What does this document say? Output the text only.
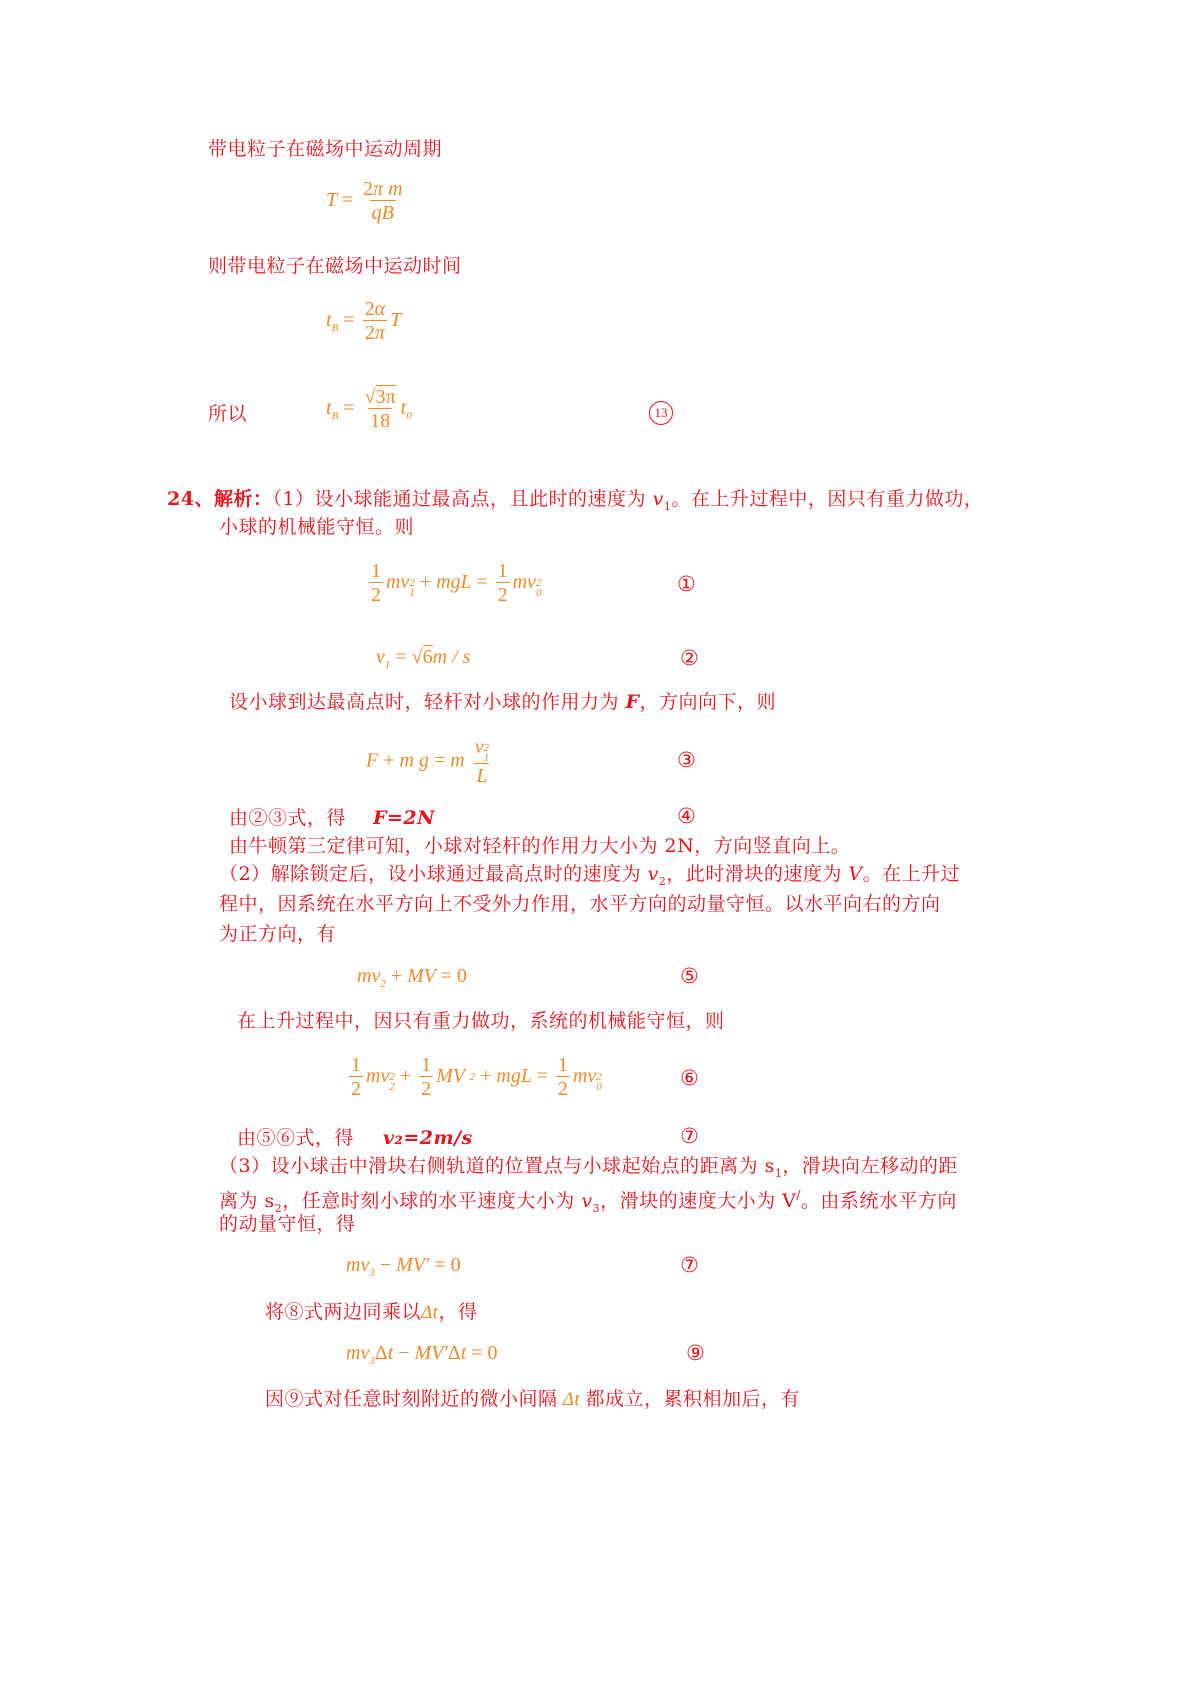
带电粒子在磁场中运动周期
$T = \frac{\text{2π m}}{qB}$
则带电粒子在磁场中运动时间
$t_B = \frac{2\alpha}{2\pi}$ T
所以	$t_B = \frac{√3\pi}{18} t_0$	13
24、解析：（1）设小球能通过最高点，且此时的速度为 $v_1$。在上升过程中，因只有重力做功，
小球的机械能守恒。则
$\frac{1}{2}$ mv 2
1 + mgL = $\frac{1}{2}$ mv 2
0	①
$v_1 = √6m / s$	②
设小球到达最高点时，轻杆对小球的作用力为 F，方向向下，则
F + m g = m v 2
1
L	③
由②③式，得 F=2N	④
由牛顿第三定律可知，小球对轻杆的作用力大小为 2N，方向竖直向上。
（2）解除锁定后，设小球通过最高点时的速度为 $v_2$，此时滑块的速度为 V。在上升过
程中，因系统在水平方向上不受外力作用，水平方向的动量守恒。以水平向右的方向
为正方向，有
$mv_2$ + MV = 0	⑤
在上升过程中，因只有重力做功，系统的机械能守恒，则
$\frac{1}{2}$ mv 2
$2 + \frac{1}{2}$ MV 2
+ mgL = $\frac{1}{2}$ mv 2
0	⑥
由⑤⑥式，得 v₂=2m/s	⑦
（3）设小球击中滑块右侧轨道的位置点与小球起始点的距离为 $s_1$，滑块向左移动的距
离为 $s_2$，任意时刻小球的水平速度大小为 $v_3$，滑块的速度大小为 V/。由系统水平方向
的动量守恒，得
$mv_3 - MV' = 0$	⑦
将⑧式两边同乘以Δt，得
$mv_3\Delta t - MV'\Delta t = 0$	⑨
因⑨式对任意时刻附近的微小间隔 Δt 都成立，累积相加后，有
